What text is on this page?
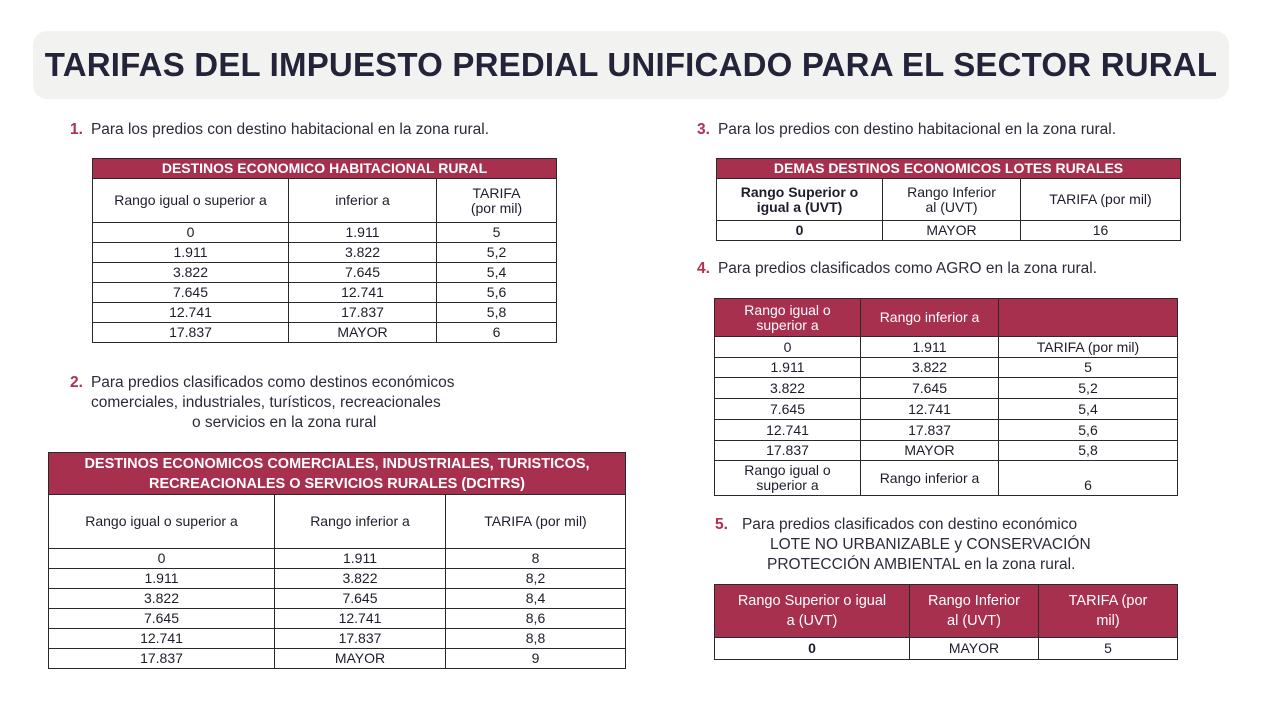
TARIFAS DEL IMPUESTO PREDIAL UNIFICADO PARA EL SECTOR RURAL
1. Para los predios con destino habitacional en la zona rural.
DESTINOS ECONOMICO HABITACIONAL RURAL		
Rango igual o superior a	inferior a	TARIFA
(por mil)
0	1.911	5
1.911	3.822	5,2
3.822	7.645	5,4
7.645	12.741	5,6
12.741	17.837	5,8
17.837	MAYOR	6
2. Para predios clasificados como destinos económicos
comerciales, industriales, turísticos, recreacionales
o servicios en la zona rural
DESTINOS ECONOMICOS COMERCIALES, INDUSTRIALES, TURISTICOS,
RECREACIONALES O SERVICIOS RURALES (DCITRS)		
Rango igual o superior a	Rango inferior a	TARIFA (por mil)
0	1.911	8
1.911	3.822	8,2
3.822	7.645	8,4
7.645	12.741	8,6
12.741	17.837	8,8
17.837	MAYOR	9
3. Para los predios con destino habitacional en la zona rural.
DEMAS DESTINOS ECONOMICOS LOTES RURALES		
Rango Superior o
igual a (UVT)	Rango Inferior
al (UVT)	TARIFA (por mil)
0	MAYOR	16
4. Para predios clasificados como AGRO en la zona rural.
Rango igual o
superior a	Rango inferior a	
0	1.911	TARIFA (por mil)
1.911	3.822	5
3.822	7.645	5,2
7.645	12.741	5,4
12.741	17.837	5,6
17.837	MAYOR	5,8
Rango igual o
superior a	Rango inferior a	6
5. Para predios clasificados con destino económico
LOTE NO URBANIZABLE y CONSERVACIÓN
PROTECCIÓN AMBIENTAL en la zona rural.
Rango Superior o igual
a (UVT)	Rango Inferior
al (UVT)	TARIFA (por
mil)
0	MAYOR	5
